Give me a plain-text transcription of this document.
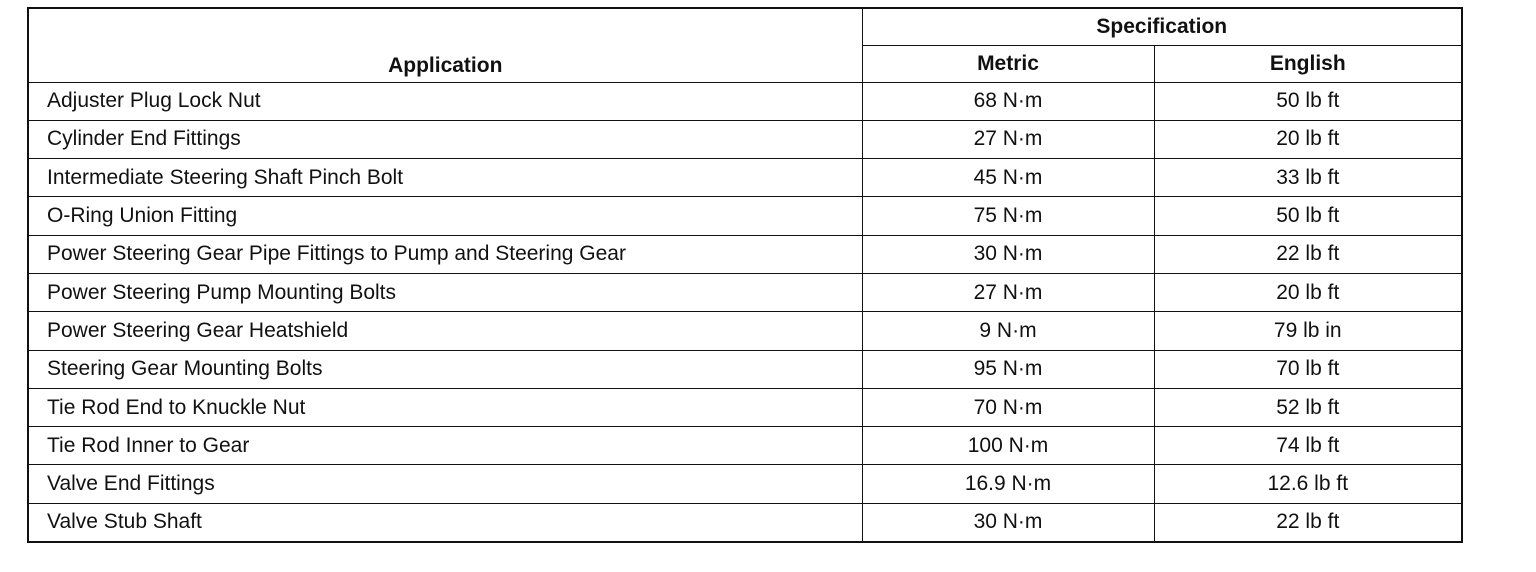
Application	Specification	
	Metric	English
Adjuster Plug Lock Nut	68 N·m	50 lb ft
Cylinder End Fittings	27 N·m	20 lb ft
Intermediate Steering Shaft Pinch Bolt	45 N·m	33 lb ft
O-Ring Union Fitting	75 N·m	50 lb ft
Power Steering Gear Pipe Fittings to Pump and Steering Gear	30 N·m	22 lb ft
Power Steering Pump Mounting Bolts	27 N·m	20 lb ft
Power Steering Gear Heatshield	9 N·m	79 lb in
Steering Gear Mounting Bolts	95 N·m	70 lb ft
Tie Rod End to Knuckle Nut	70 N·m	52 lb ft
Tie Rod Inner to Gear	100 N·m	74 lb ft
Valve End Fittings	16.9 N·m	12.6 lb ft
Valve Stub Shaft	30 N·m	22 lb ft
